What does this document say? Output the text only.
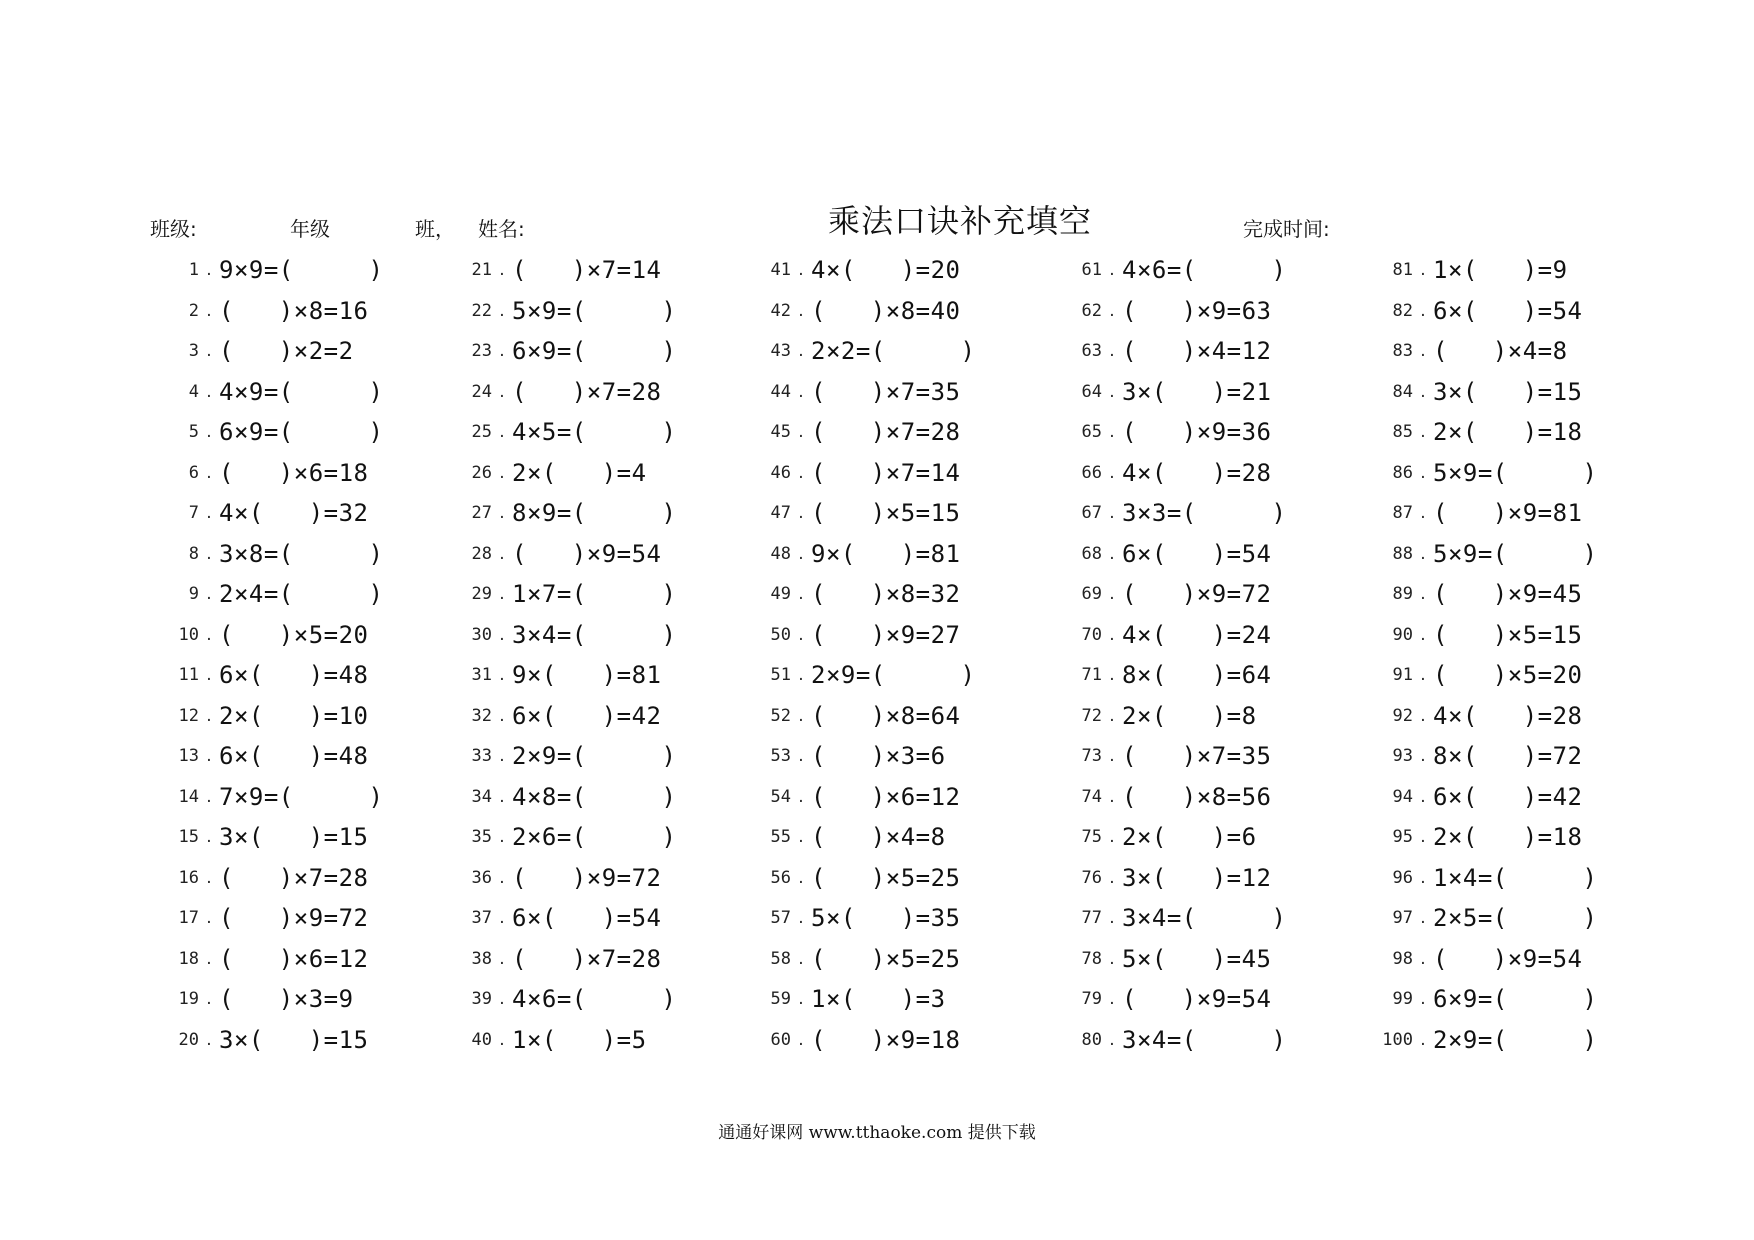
乘法口诀补充填空
班级:	年级	班， 姓名:	完成时间:
1 . 9×9=(     )
2 . (   )×8=16
3 . (   )×2=2
4 . 4×9=(     )
5 . 6×9=(     )
6 . (   )×6=18
7 . 4×(   )=32
8 . 3×8=(     )
9 . 2×4=(     )
10 . (   )×5=20
11 . 6×(   )=48
12 . 2×(   )=10
13 . 6×(   )=48
14 . 7×9=(     )
15 . 3×(   )=15
16 . (   )×7=28
17 . (   )×9=72
18 . (   )×6=12
19 . (   )×3=9
20 . 3×(   )=15
21 . (   )×7=14
22 . 5×9=(     )
23 . 6×9=(     )
24 . (   )×7=28
25 . 4×5=(     )
26 . 2×(   )=4
27 . 8×9=(     )
28 . (   )×9=54
29 . 1×7=(     )
30 . 3×4=(     )
31 . 9×(   )=81
32 . 6×(   )=42
33 . 2×9=(     )
34 . 4×8=(     )
35 . 2×6=(     )
36 . (   )×9=72
37 . 6×(   )=54
38 . (   )×7=28
39 . 4×6=(     )
40 . 1×(   )=5
41 . 4×(   )=20
42 . (   )×8=40
43 . 2×2=(     )
44 . (   )×7=35
45 . (   )×7=28
46 . (   )×7=14
47 . (   )×5=15
48 . 9×(   )=81
49 . (   )×8=32
50 . (   )×9=27
51 . 2×9=(     )
52 . (   )×8=64
53 . (   )×3=6
54 . (   )×6=12
55 . (   )×4=8
56 . (   )×5=25
57 . 5×(   )=35
58 . (   )×5=25
59 . 1×(   )=3
60 . (   )×9=18
61 . 4×6=(     )
62 . (   )×9=63
63 . (   )×4=12
64 . 3×(   )=21
65 . (   )×9=36
66 . 4×(   )=28
67 . 3×3=(     )
68 . 6×(   )=54
69 . (   )×9=72
70 . 4×(   )=24
71 . 8×(   )=64
72 . 2×(   )=8
73 . (   )×7=35
74 . (   )×8=56
75 . 2×(   )=6
76 . 3×(   )=12
77 . 3×4=(     )
78 . 5×(   )=45
79 . (   )×9=54
80 . 3×4=(     )
81 . 1×(   )=9
82 . 6×(   )=54
83 . (   )×4=8
84 . 3×(   )=15
85 . 2×(   )=18
86 . 5×9=(     )
87 . (   )×9=81
88 . 5×9=(     )
89 . (   )×9=45
90 . (   )×5=15
91 . (   )×5=20
92 . 4×(   )=28
93 . 8×(   )=72
94 . 6×(   )=42
95 . 2×(   )=18
96 . 1×4=(     )
97 . 2×5=(     )
98 . (   )×9=54
99 . 6×9=(     )
100 . 2×9=(     )
通通好课网 www.tthaoke.com 提供下载
